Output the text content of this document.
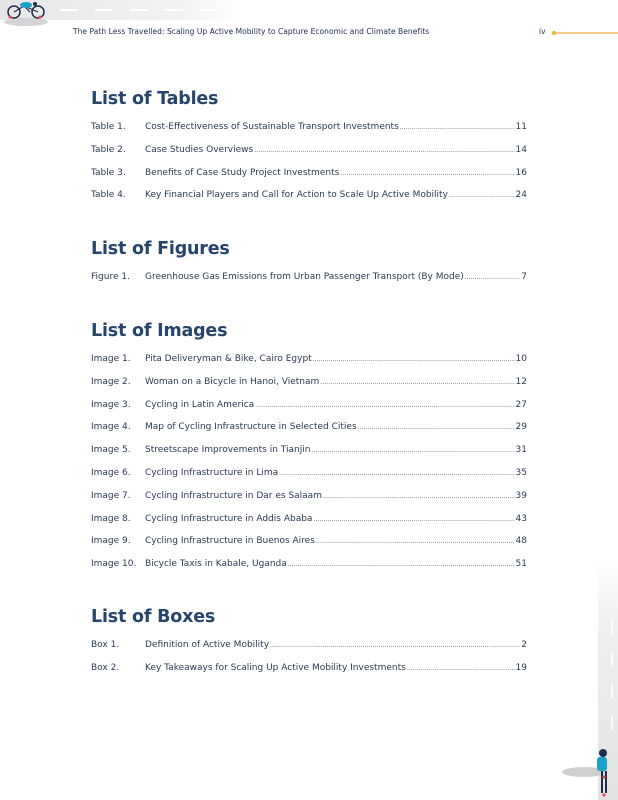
The Path Less Travelled: Scaling Up Active Mobility to Capture Economic and Climate Benefits	iv
List of Tables
Table 1.	Cost-Effectiveness of Sustainable Transport Investments .....	11
Table 2.	Case Studies Overviews .....	14
Table 3.	Benefits of Case Study Project Investments .....	16
Table 4.	Key Financial Players and Call for Action to Scale Up Active Mobility .....	24
List of Figures
Figure 1.	Greenhouse Gas Emissions from Urban Passenger Transport (By Mode) .....	7
List of Images
Image 1.	Pita Deliveryman & Bike, Cairo Egypt .....	10
Image 2.	Woman on a Bicycle in Hanoi, Vietnam .....	12
Image 3.	Cycling in Latin America .....	27
Image 4.	Map of Cycling Infrastructure in Selected Cities .....	29
Image 5.	Streetscape Improvements in Tianjin .....	31
Image 6.	Cycling Infrastructure in Lima .....	35
Image 7.	Cycling Infrastructure in Dar es Salaam .....	39
Image 8.	Cycling Infrastructure in Addis Ababa .....	43
Image 9.	Cycling Infrastructure in Buenos Aires .....	48
Image 10. Bicycle Taxis in Kabale, Uganda .....	51
List of Boxes
Box 1.	Definition of Active Mobility .....	2
Box 2.	Key Takeaways for Scaling Up Active Mobility Investments .....	19
